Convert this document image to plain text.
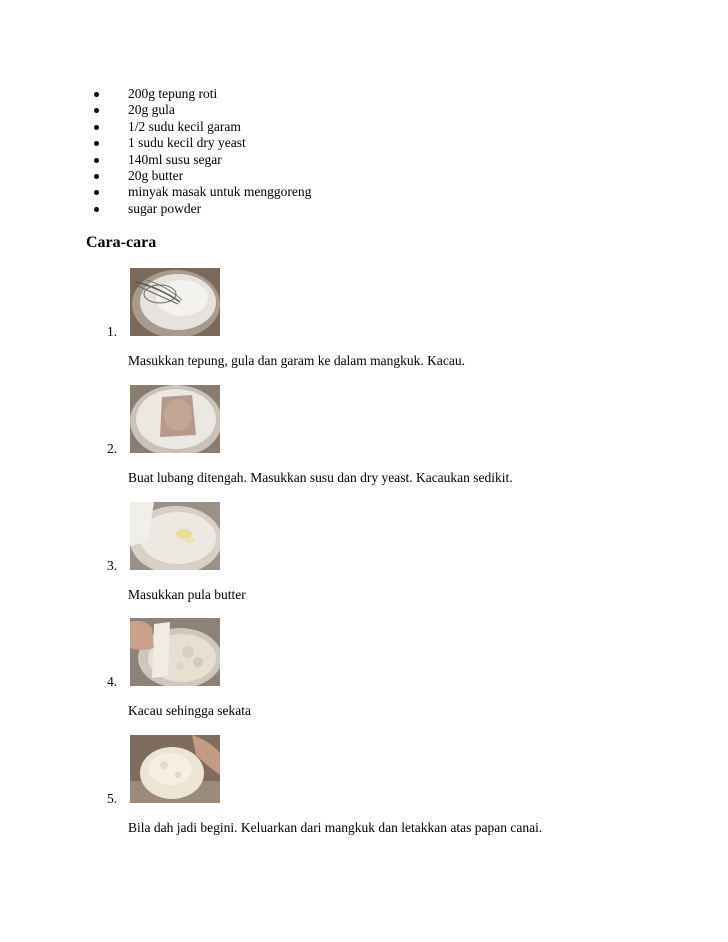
200g tepung roti
20g gula
1/2 sudu kecil garam
1 sudu kecil dry yeast
140ml susu segar
20g butter
minyak masak untuk menggoreng
sugar powder
Cara-cara
1.
Masukkan tepung, gula dan garam ke dalam mangkuk. Kacau.
2.
Buat lubang ditengah. Masukkan susu dan dry yeast. Kacaukan sedikit.
3.
Masukkan pula butter
4.
Kacau sehingga sekata
5.
Bila dah jadi begini. Keluarkan dari mangkuk dan letakkan atas papan canai.
